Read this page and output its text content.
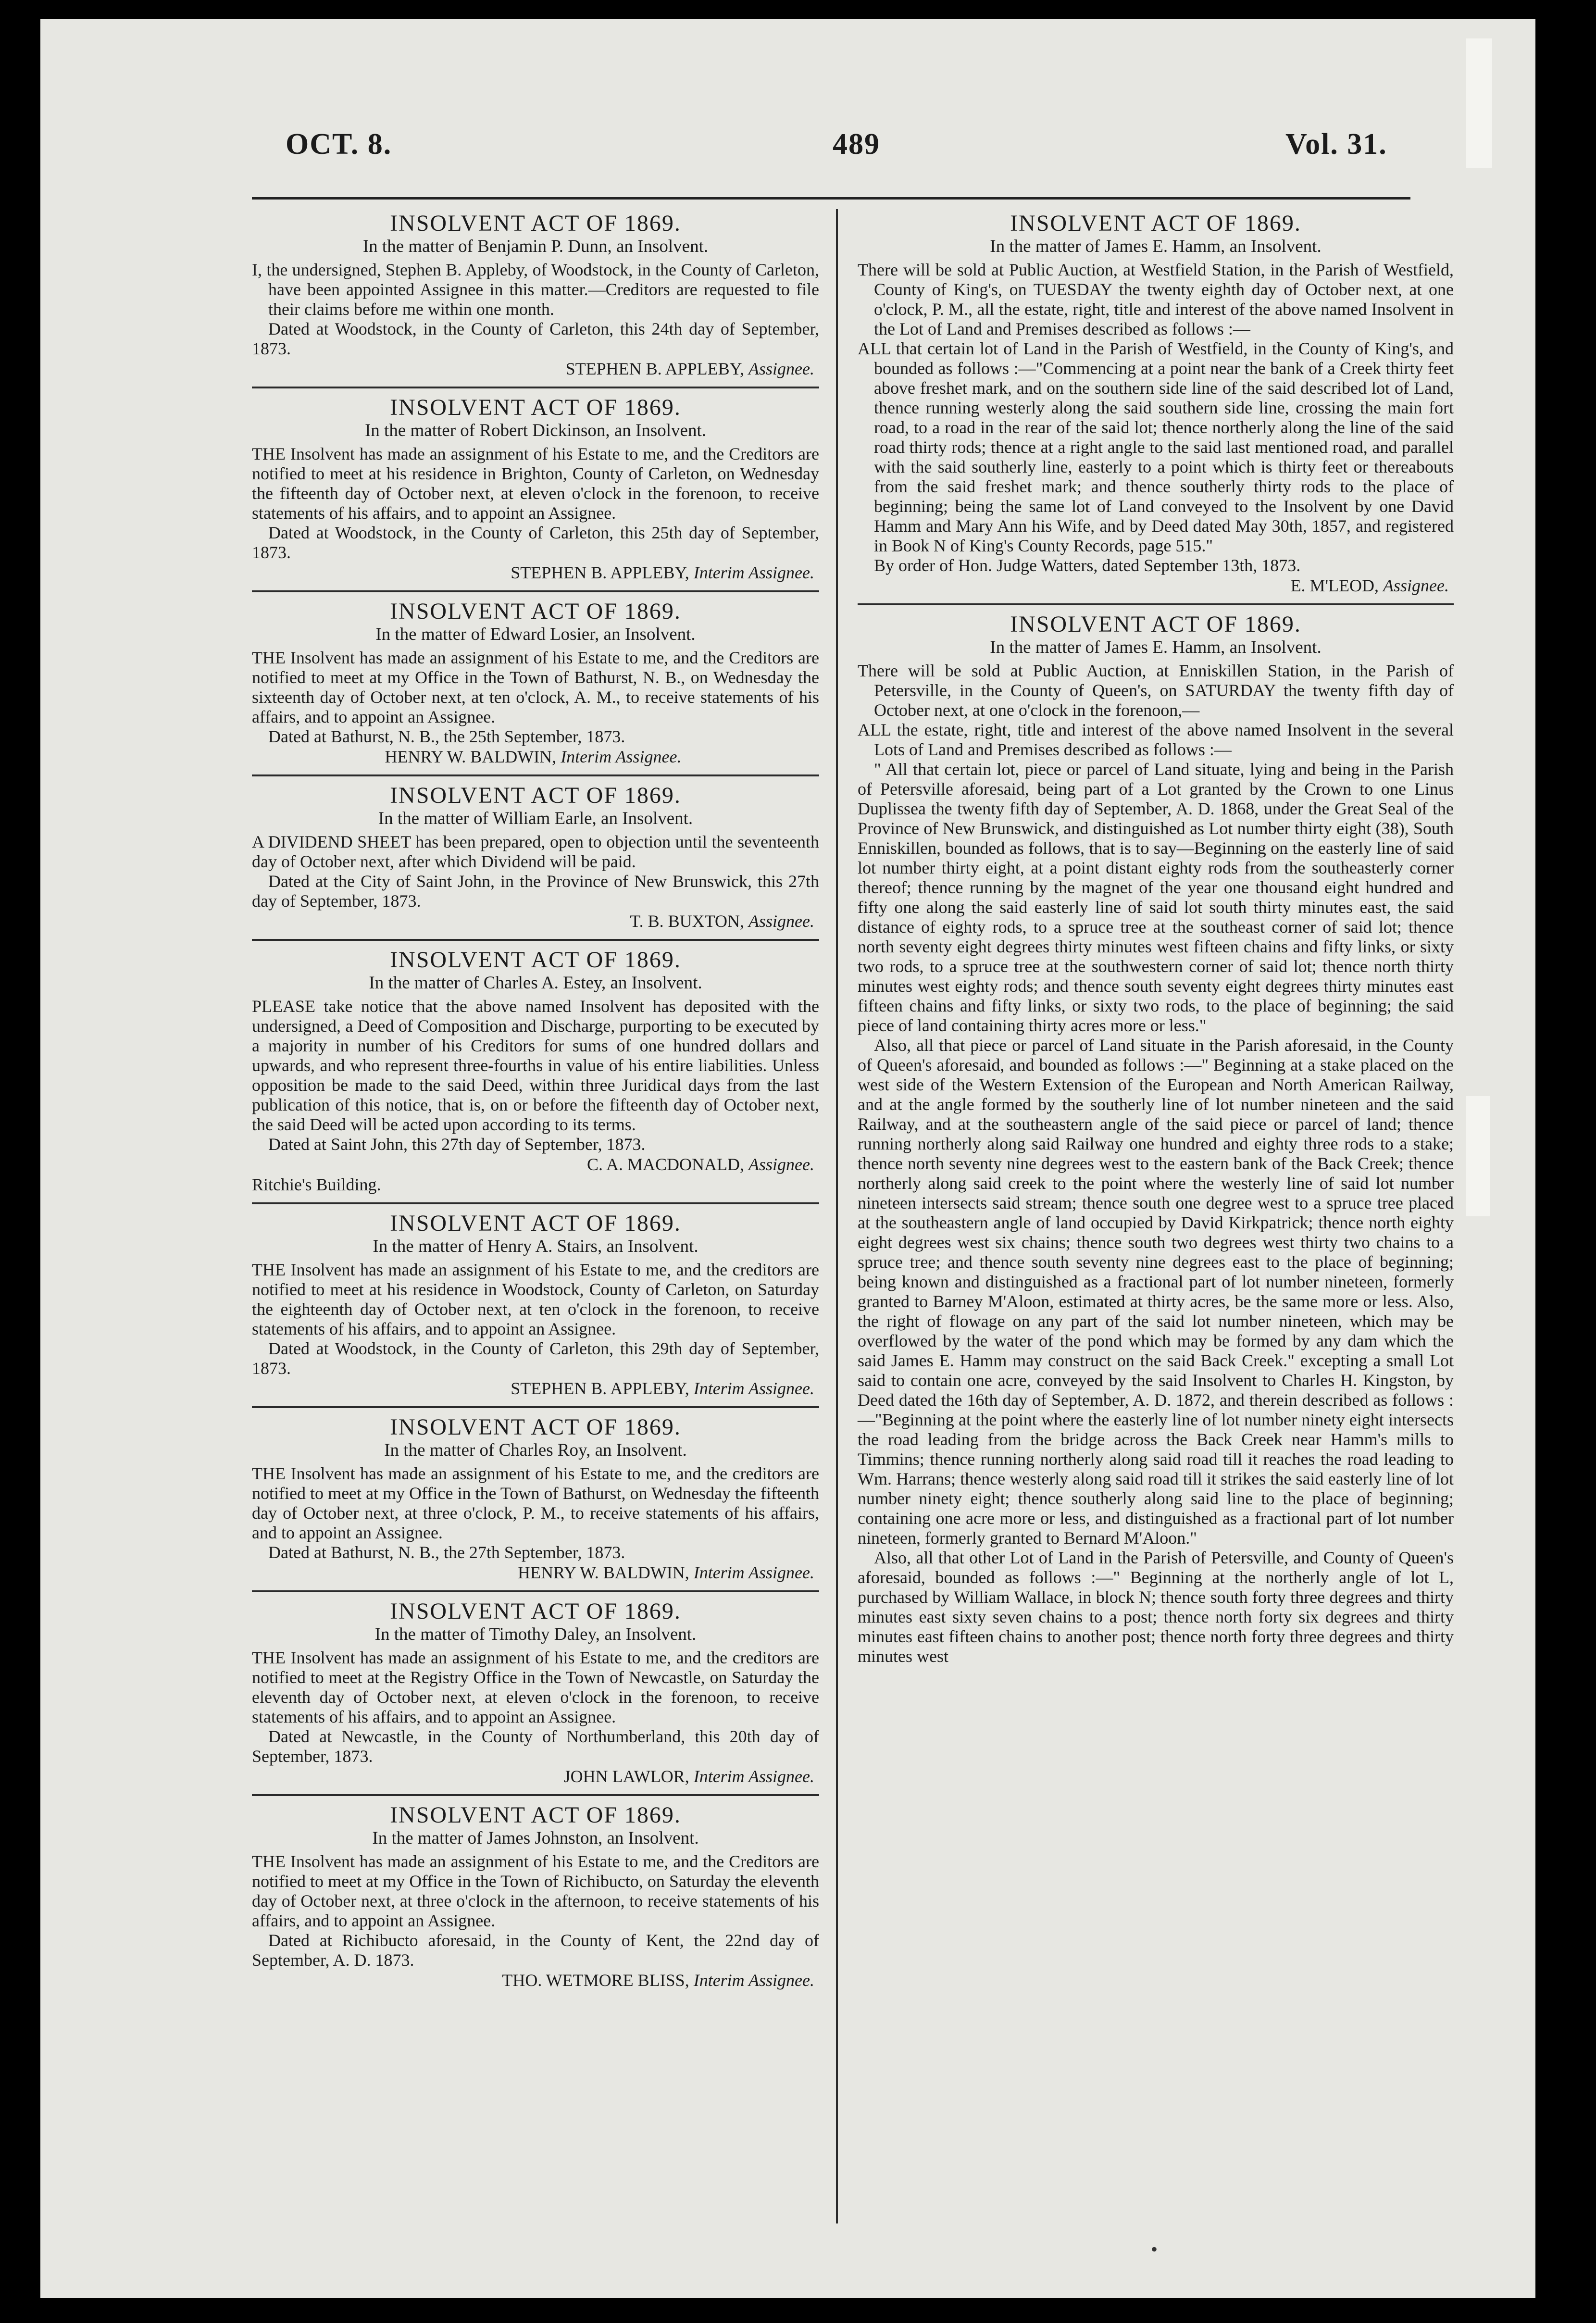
OCT. 8.	489	Vol. 31.

INSOLVENT ACT OF 1869.

In the matter of Benjamin P. Dunn, an Insolvent.

I, the undersigned, Stephen B. Appleby, of Woodstock, in the County of Carleton, have been appointed Assignee in this matter.—Creditors are requested to file their claims before me within one month.

Dated at Woodstock, in the County of Carleton, this 24th day of September, 1873.

STEPHEN B. APPLEBY, Assignee.

INSOLVENT ACT OF 1869.

In the matter of Robert Dickinson, an Insolvent.

THE Insolvent has made an assignment of his Estate to me, and the Creditors are notified to meet at his residence in Brighton, County of Carleton, on Wednesday the fifteenth day of October next, at eleven o'clock in the forenoon, to receive statements of his affairs, and to appoint an Assignee.

Dated at Woodstock, in the County of Carleton, this 25th day of September, 1873.

STEPHEN B. APPLEBY, Interim Assignee.

INSOLVENT ACT OF 1869.

In the matter of Edward Losier, an Insolvent.

THE Insolvent has made an assignment of his Estate to me, and the Creditors are notified to meet at my Office in the Town of Bathurst, N. B., on Wednesday the sixteenth day of October next, at ten o'clock, A. M., to receive statements of his affairs, and to appoint an Assignee.

Dated at Bathurst, N. B., the 25th September, 1873.

HENRY W. BALDWIN, Interim Assignee.

INSOLVENT ACT OF 1869.

In the matter of William Earle, an Insolvent.

A DIVIDEND SHEET has been prepared, open to objection until the seventeenth day of October next, after which Dividend will be paid.

Dated at the City of Saint John, in the Province of New Brunswick, this 27th day of September, 1873.

T. B. BUXTON, Assignee.

INSOLVENT ACT OF 1869.

In the matter of Charles A. Estey, an Insolvent.

PLEASE take notice that the above named Insolvent has deposited with the undersigned, a Deed of Composition and Discharge, purporting to be executed by a majority in number of his Creditors for sums of one hundred dollars and upwards, and who represent three-fourths in value of his entire liabilities. Unless opposition be made to the said Deed, within three Juridical days from the last publication of this notice, that is, on or before the fifteenth day of October next, the said Deed will be acted upon according to its terms.

Dated at Saint John, this 27th day of September, 1873.

C. A. MACDONALD, Assignee.

Ritchie's Building.

INSOLVENT ACT OF 1869.

In the matter of Henry A. Stairs, an Insolvent.

THE Insolvent has made an assignment of his Estate to me, and the creditors are notified to meet at his residence in Woodstock, County of Carleton, on Saturday the eighteenth day of October next, at ten o'clock in the forenoon, to receive statements of his affairs, and to appoint an Assignee.

Dated at Woodstock, in the County of Carleton, this 29th day of September, 1873.

STEPHEN B. APPLEBY, Interim Assignee.

INSOLVENT ACT OF 1869.

In the matter of Charles Roy, an Insolvent.

THE Insolvent has made an assignment of his Estate to me, and the creditors are notified to meet at my Office in the Town of Bathurst, on Wednesday the fifteenth day of October next, at three o'clock, P. M., to receive statements of his affairs, and to appoint an Assignee.

Dated at Bathurst, N. B., the 27th September, 1873.

HENRY W. BALDWIN, Interim Assignee.

INSOLVENT ACT OF 1869.

In the matter of Timothy Daley, an Insolvent.

THE Insolvent has made an assignment of his Estate to me, and the creditors are notified to meet at the Registry Office in the Town of Newcastle, on Saturday the eleventh day of October next, at eleven o'clock in the forenoon, to receive statements of his affairs, and to appoint an Assignee.

Dated at Newcastle, in the County of Northumberland, this 20th day of September, 1873.

JOHN LAWLOR, Interim Assignee.

INSOLVENT ACT OF 1869.

In the matter of James Johnston, an Insolvent.

THE Insolvent has made an assignment of his Estate to me, and the Creditors are notified to meet at my Office in the Town of Richibucto, on Saturday the eleventh day of October next, at three o'clock in the afternoon, to receive statements of his affairs, and to appoint an Assignee.

Dated at Richibucto aforesaid, in the County of Kent, the 22nd day of September, A. D. 1873.

THO. WETMORE BLISS, Interim Assignee.

INSOLVENT ACT OF 1869.

In the matter of James E. Hamm, an Insolvent.

There will be sold at Public Auction, at Westfield Station, in the Parish of Westfield, County of King's, on TUESDAY the twenty eighth day of October next, at one o'clock, P. M., all the estate, right, title and interest of the above named Insolvent in the Lot of Land and Premises described as follows :—

ALL that certain lot of Land in the Parish of Westfield, in the County of King's, and bounded as follows :—"Commencing at a point near the bank of a Creek thirty feet above freshet mark, and on the southern side line of the said described lot of Land, thence running westerly along the said southern side line, crossing the main fort road, to a road in the rear of the said lot; thence northerly along the line of the said road thirty rods; thence at a right angle to the said last mentioned road, and parallel with the said southerly line, easterly to a point which is thirty feet or thereabouts from the said freshet mark; and thence southerly thirty rods to the place of beginning; being the same lot of Land conveyed to the Insolvent by one David Hamm and Mary Ann his Wife, and by Deed dated May 30th, 1857, and registered in Book N of King's County Records, page 515."

By order of Hon. Judge Watters, dated September 13th, 1873.

E. M'LEOD, Assignee.

INSOLVENT ACT OF 1869.

In the matter of James E. Hamm, an Insolvent.

There will be sold at Public Auction, at Enniskillen Station, in the Parish of Petersville, in the County of Queen's, on SATURDAY the twenty fifth day of October next, at one o'clock in the forenoon,—

ALL the estate, right, title and interest of the above named Insolvent in the several Lots of Land and Premises described as follows :—

" All that certain lot, piece or parcel of Land situate, lying and being in the Parish of Petersville aforesaid, being part of a Lot granted by the Crown to one Linus Duplissea the twenty fifth day of September, A. D. 1868, under the Great Seal of the Province of New Brunswick, and distinguished as Lot number thirty eight (38), South Enniskillen, bounded as follows, that is to say—Beginning on the easterly line of said lot number thirty eight, at a point distant eighty rods from the southeasterly corner thereof; thence running by the magnet of the year one thousand eight hundred and fifty one along the said easterly line of said lot south thirty minutes east, the said distance of eighty rods, to a spruce tree at the southeast corner of said lot; thence north seventy eight degrees thirty minutes west fifteen chains and fifty links, or sixty two rods, to a spruce tree at the southwestern corner of said lot; thence north thirty minutes west eighty rods; and thence south seventy eight degrees thirty minutes east fifteen chains and fifty links, or sixty two rods, to the place of beginning; the said piece of land containing thirty acres more or less."

Also, all that piece or parcel of Land situate in the Parish aforesaid, in the County of Queen's aforesaid, and bounded as follows :—" Beginning at a stake placed on the west side of the Western Extension of the European and North American Railway, and at the angle formed by the southerly line of lot number nineteen and the said Railway, and at the southeastern angle of the said piece or parcel of land; thence running northerly along said Railway one hundred and eighty three rods to a stake; thence north seventy nine degrees west to the eastern bank of the Back Creek; thence northerly along said creek to the point where the westerly line of said lot number nineteen intersects said stream; thence south one degree west to a spruce tree placed at the southeastern angle of land occupied by David Kirkpatrick; thence north eighty eight degrees west six chains; thence south two degrees west thirty two chains to a spruce tree; and thence south seventy nine degrees east to the place of beginning; being known and distinguished as a fractional part of lot number nineteen, formerly granted to Barney M'Aloon, estimated at thirty acres, be the same more or less. Also, the right of flowage on any part of the said lot number nineteen, which may be overflowed by the water of the pond which may be formed by any dam which the said James E. Hamm may construct on the said Back Creek." excepting a small Lot said to contain one acre, conveyed by the said Insolvent to Charles H. Kingston, by Deed dated the 16th day of September, A. D. 1872, and therein described as follows :—"Beginning at the point where the easterly line of lot number ninety eight intersects the road leading from the bridge across the Back Creek near Hamm's mills to Timmins; thence running northerly along said road till it reaches the road leading to Wm. Harrans; thence westerly along said road till it strikes the said easterly line of lot number ninety eight; thence southerly along said line to the place of beginning; containing one acre more or less, and distinguished as a fractional part of lot number nineteen, formerly granted to Bernard M'Aloon."

Also, all that other Lot of Land in the Parish of Petersville, and County of Queen's aforesaid, bounded as follows :—" Beginning at the northerly angle of lot L, purchased by William Wallace, in block N; thence south forty three degrees and thirty minutes east sixty seven chains to a post; thence north forty six degrees and thirty minutes east fifteen chains to another post; thence north forty three degrees and thirty minutes west

•
